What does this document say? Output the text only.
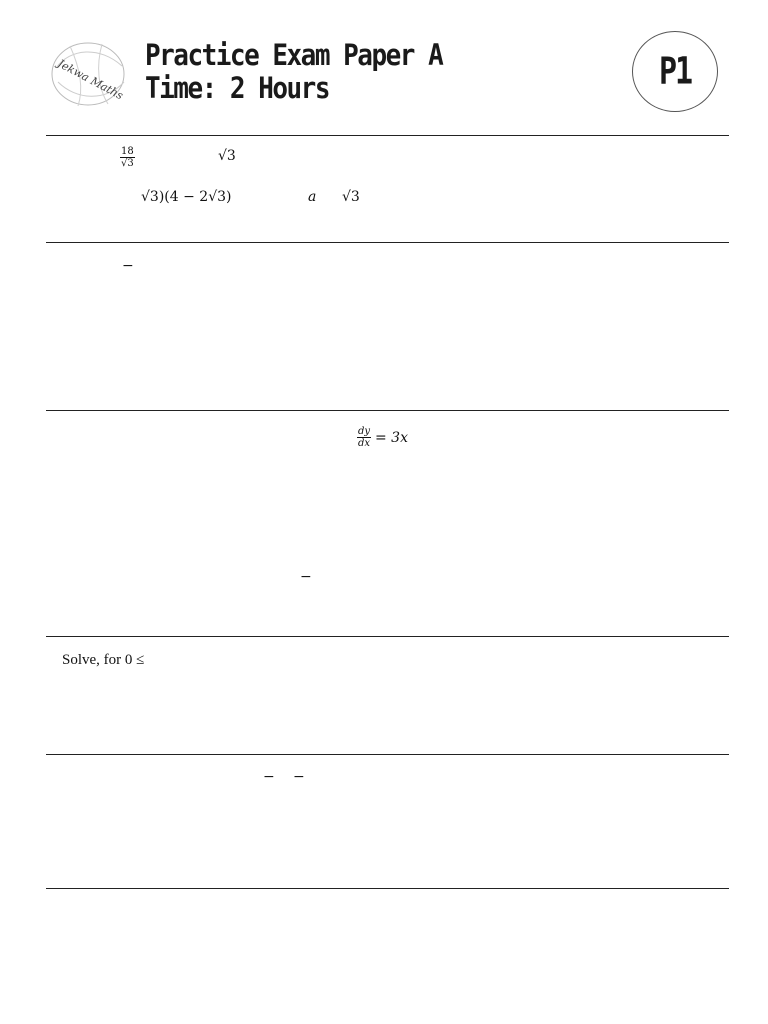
Jekwa Maths
Practice Exam Paper A
Time: 2 Hours	P1
$\frac{18}{√3}$	√3
√3)(4 − 2√3)	a √3
−
$\frac{dy}{dx} = 3x$
−
Solve, for 0 ≤
− −
